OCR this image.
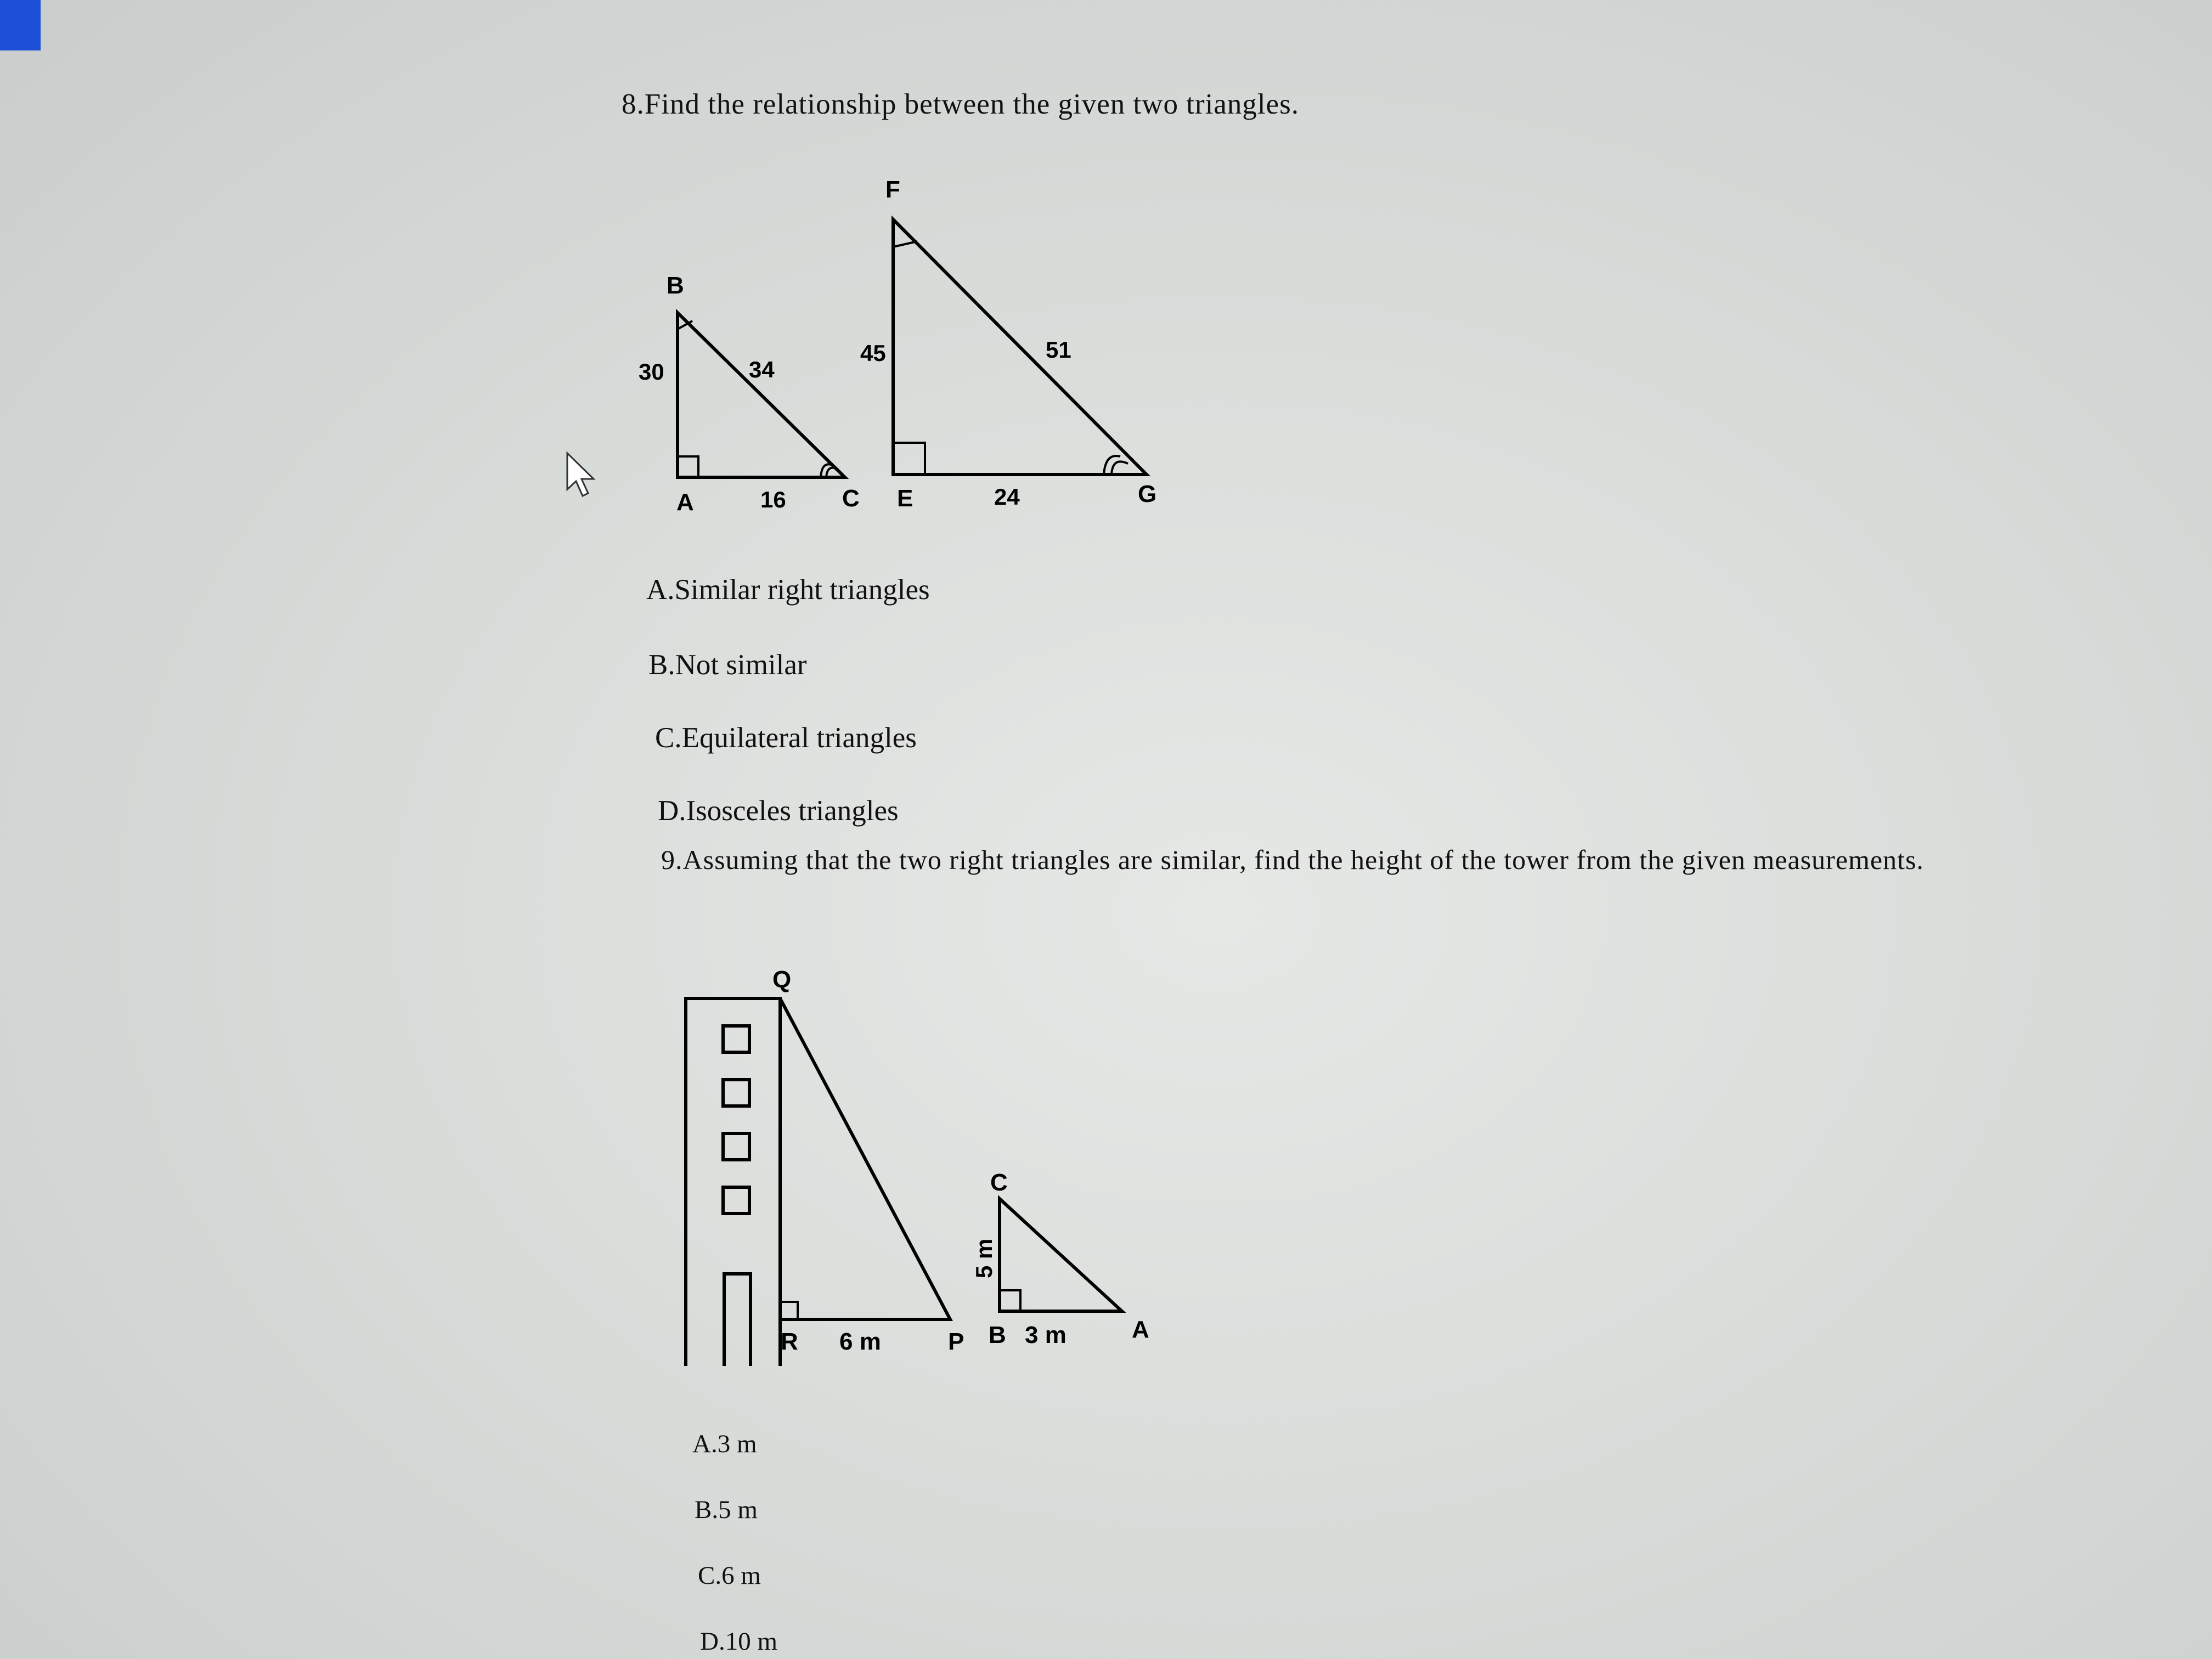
8.Find the relationship between the given two triangles.
B
A	C
30	34
16
F
E	G
45	51
24
A.Similar right triangles
B.Not similar
C.Equilateral triangles
D.Isosceles triangles
9.Assuming that the two right triangles are similar, find the height of the tower from the given measurements.
Q
R	P
6 m
C
B	A
3 m
5 m
A.3 m
B.5 m
C.6 m
D.10 m
